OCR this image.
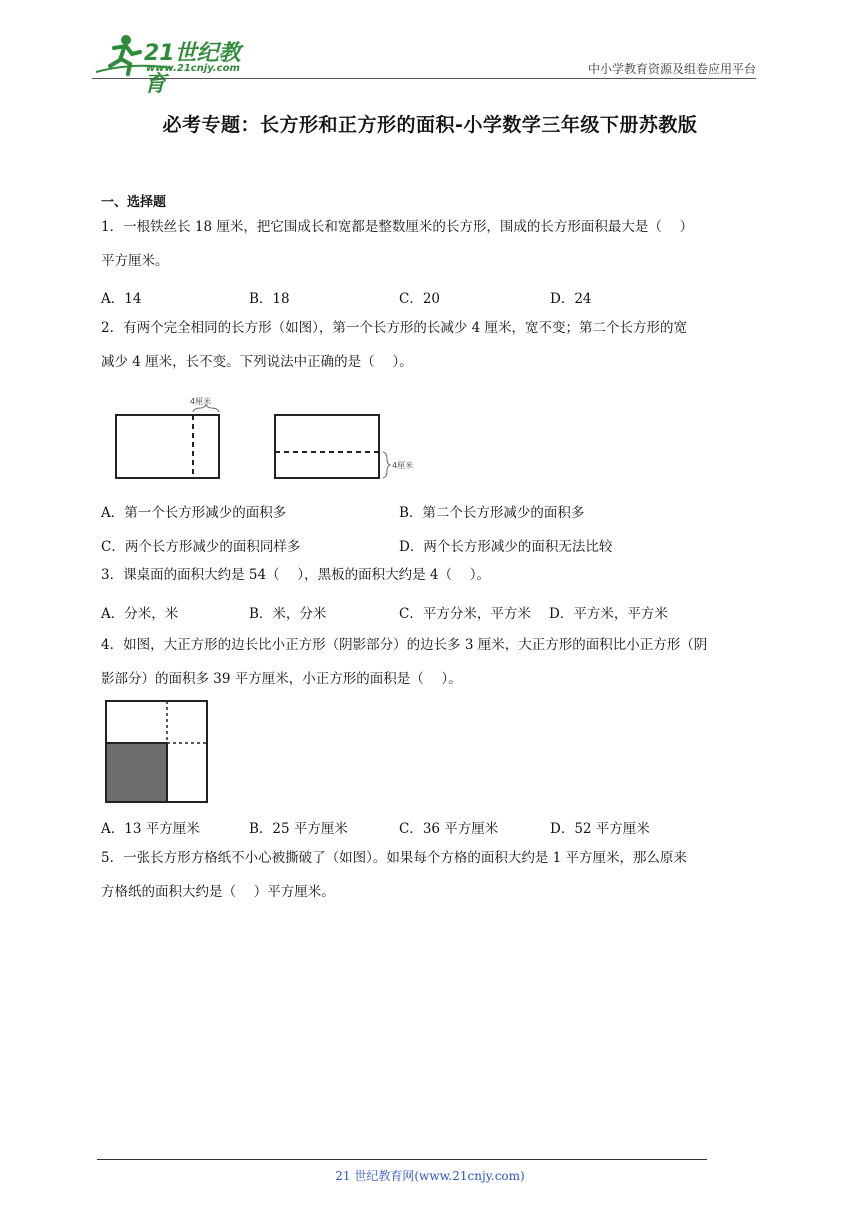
21世纪教育
www.21cnjy.com	中小学教育资源及组卷应用平台
必考专题：长方形和正方形的面积-小学数学三年级下册苏教版
一、选择题
1．一根铁丝长 18 厘米，把它围成长和宽都是整数厘米的长方形，围成的长方形面积最大是（　 ）
平方厘米。
A．14	B．18	C．20	D．24
2．有两个完全相同的长方形（如图），第一个长方形的长减少 4 厘米，宽不变；第二个长方形的宽
减少 4 厘米，长不变。下列说法中正确的是（　 ）。
4厘米
4厘米
A．第一个长方形减少的面积多	B．第二个长方形减少的面积多
C．两个长方形减少的面积同样多	D．两个长方形减少的面积无法比较
3．课桌面的面积大约是 54（　 ），黑板的面积大约是 4（　 ）。
A．分米，米	B．米，分米	C．平方分米，平方米 D．平方米，平方米
4．如图，大正方形的边长比小正方形（阴影部分）的边长多 3 厘米，大正方形的面积比小正方形（阴
影部分）的面积多 39 平方厘米，小正方形的面积是（　 ）。
A．13 平方厘米	B．25 平方厘米	C．36 平方厘米	D．52 平方厘米
5．一张长方形方格纸不小心被撕破了（如图）。如果每个方格的面积大约是 1 平方厘米，那么原来
方格纸的面积大约是（　 ）平方厘米。
21 世纪教育网(www.21cnjy.com)
